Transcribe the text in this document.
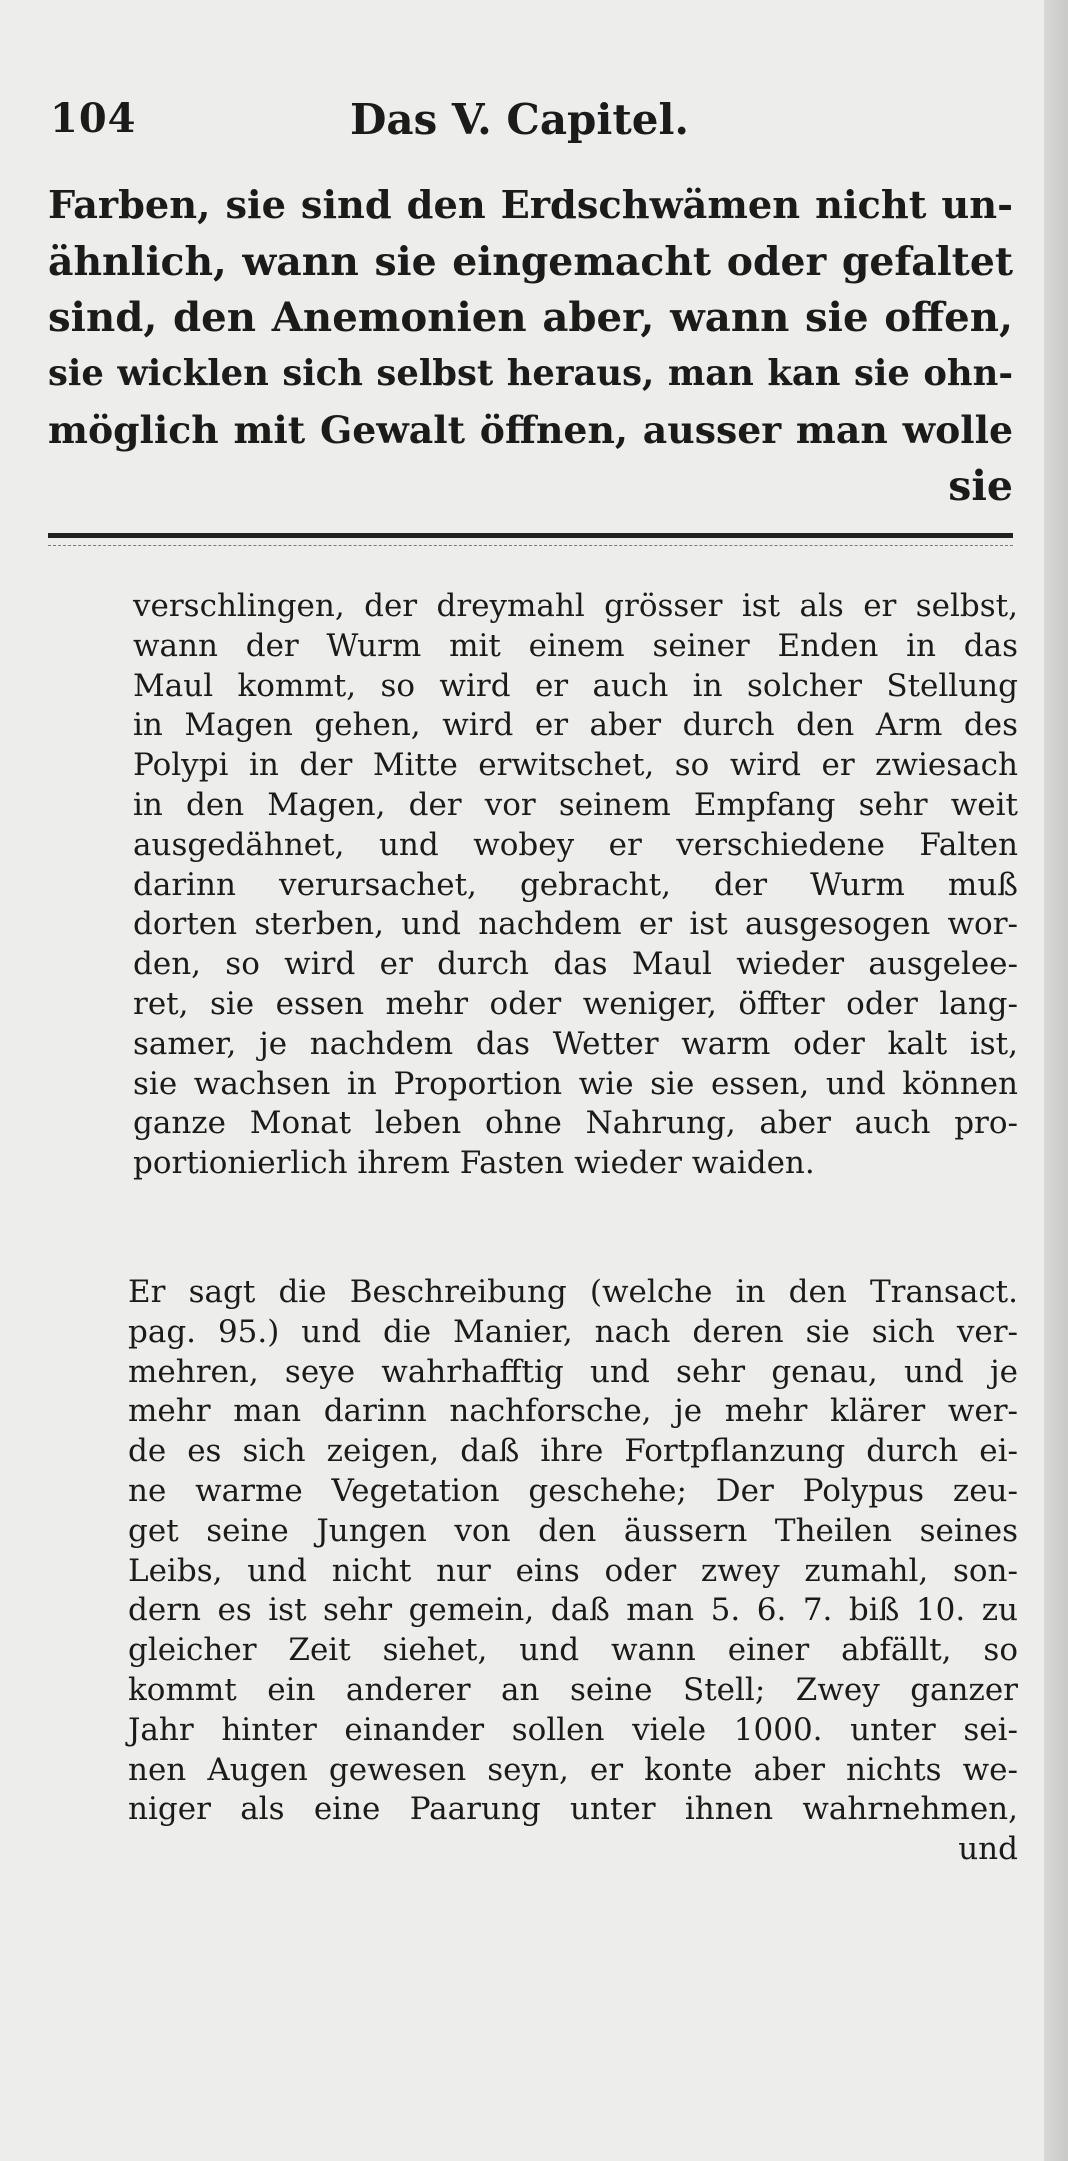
104	Das V. Capitel.
Farben, sie sind den Erdschwämen nicht un-
ähnlich, wann sie eingemacht oder gefaltet
sind, den Anemonien aber, wann sie offen,
sie wicklen sich selbst heraus, man kan sie ohn-
möglich mit Gewalt öffnen, ausser man wolle
sie
verschlingen, der dreymahl grösser ist als er selbst,
wann der Wurm mit einem seiner Enden in das
Maul kommt, so wird er auch in solcher Stellung
in Magen gehen, wird er aber durch den Arm des
Polypi in der Mitte erwitschet, so wird er zwiesach
in den Magen, der vor seinem Empfang sehr weit
ausgedähnet, und wobey er verschiedene Falten
darinn verursachet, gebracht, der Wurm muß
dorten sterben, und nachdem er ist ausgesogen wor-
den, so wird er durch das Maul wieder ausgelee-
ret, sie essen mehr oder weniger, öffter oder lang-
samer, je nachdem das Wetter warm oder kalt ist,
sie wachsen in Proportion wie sie essen, und können
ganze Monat leben ohne Nahrung, aber auch pro-
portionierlich ihrem Fasten wieder waiden.
Er sagt die Beschreibung (welche in den Transact.
pag. 95.) und die Manier, nach deren sie sich ver-
mehren, seye wahrhafftig und sehr genau, und je
mehr man darinn nachforsche, je mehr klärer wer-
de es sich zeigen, daß ihre Fortpflanzung durch ei-
ne warme Vegetation geschehe; Der Polypus zeu-
get seine Jungen von den äussern Theilen seines
Leibs, und nicht nur eins oder zwey zumahl, son-
dern es ist sehr gemein, daß man 5. 6. 7. biß 10. zu
gleicher Zeit siehet, und wann einer abfällt, so
kommt ein anderer an seine Stell; Zwey ganzer
Jahr hinter einander sollen viele 1000. unter sei-
nen Augen gewesen seyn, er konte aber nichts we-
niger als eine Paarung unter ihnen wahrnehmen,
und
